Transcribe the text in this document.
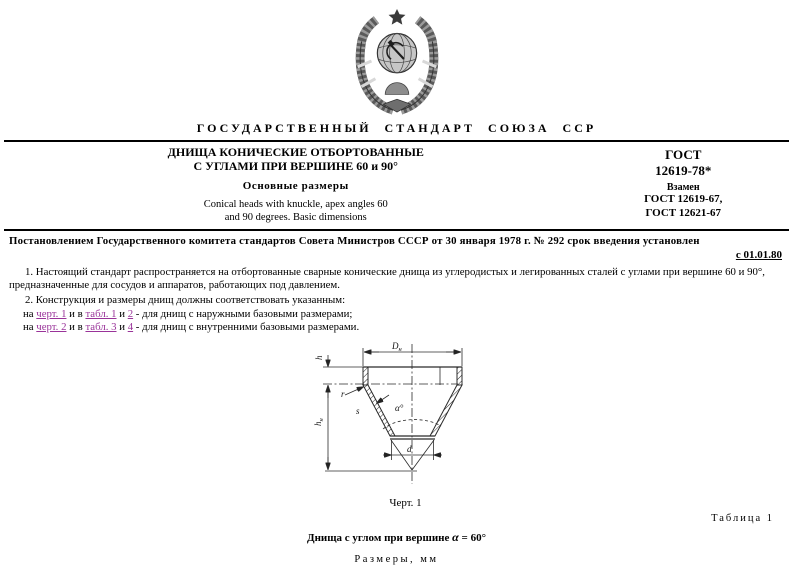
ГОСУДАРСТВЕННЫЙ СТАНДАРТ СОЮЗА ССР
ДНИЩА КОНИЧЕСКИЕ ОТБОРТОВАННЫЕ
С УГЛАМИ ПРИ ВЕРШИНЕ 60 и 90°
Основные размеры
Conical heads with knuckle, apex angles 60
and 90 degrees. Basic dimensions
ГОСТ
12619-78*
Взамен
ГОСТ 12619-67,
ГОСТ 12621-67
Постановлением Государственного комитета стандартов Совета Министров СССР от 30 января 1978 г. № 292 срок введения установлен
с 01.01.80

1. Настоящий стандарт распространяется на отбортованные сварные конические днища из углеродистых и легированных сталей с углами при вершине 60 и 90°, предназначенные для сосудов и аппаратов, работающих под давлением.

2. Конструкция и размеры днищ должны соответствовать указанным:

на черт. 1 и в табл. 1 и 2 - для днищ с наружными базовыми размерами;
на черт. 2 и в табл. 3 и 4 - для днищ с внутренними базовыми размерами.
$D_н$
h
$h_н$
r
s	α°
d
Черт. 1
Таблица 1
Днища с углом при вершине α = 60°
Размеры, мм
